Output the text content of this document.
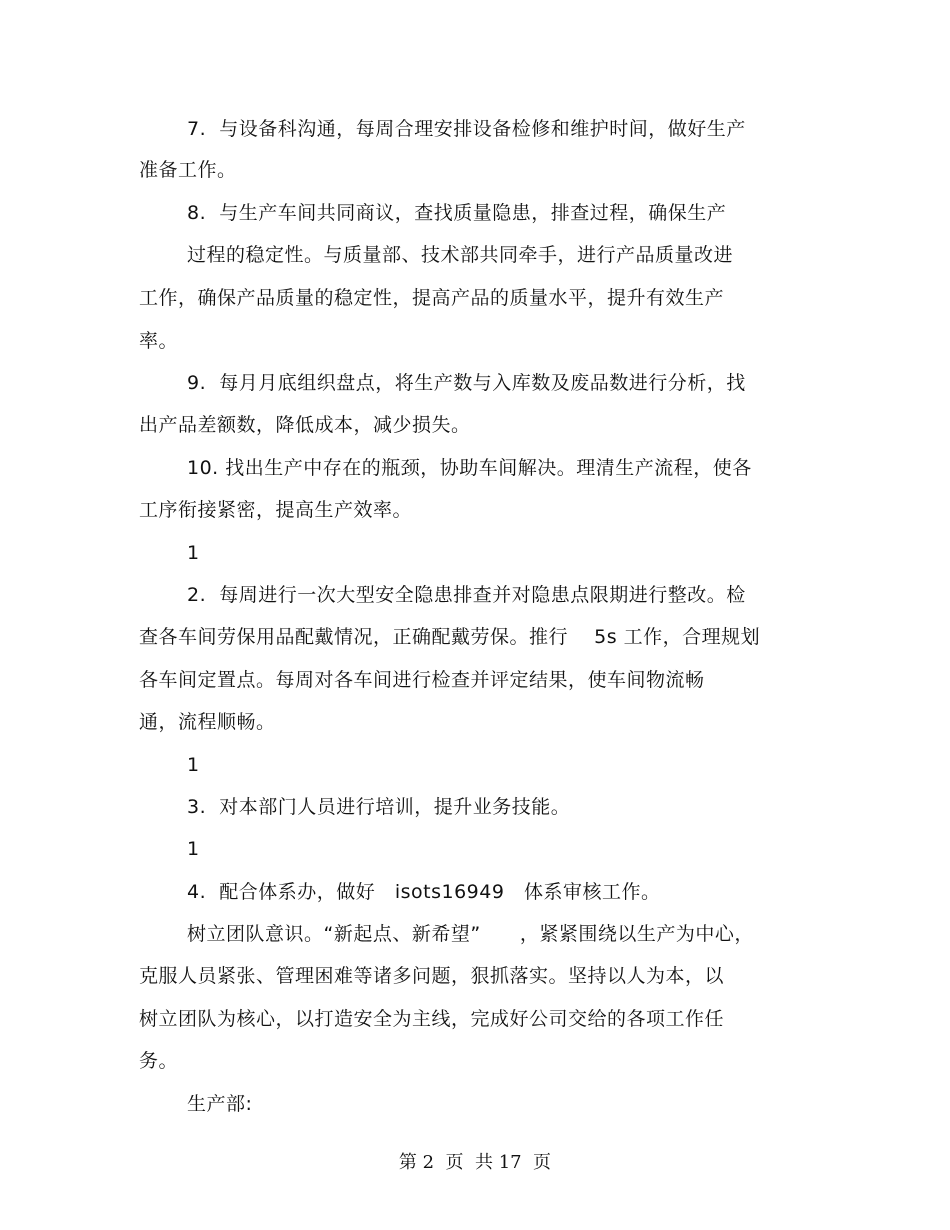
7.  与设备科沟通，每周合理安排设备检修和维护时间，做好生产
准备工作。
8.  与生产车间共同商议，查找质量隐患，排查过程，确保生产
过程的稳定性。与质量部、技术部共同牵手，进行产品质量改进
工作，确保产品质量的稳定性，提高产品的质量水平，提升有效生产
率。
9.  每月月底组织盘点，将生产数与入库数及废品数进行分析，找
出产品差额数，降低成本，减少损失。
10. 找出生产中存在的瓶颈，协助车间解决。理清生产流程，使各
工序衔接紧密，提高生产效率。
1
2.  每周进行一次大型安全隐患排查并对隐患点限期进行整改。检
查各车间劳保用品配戴情况，正确配戴劳保。推行    5s 工作，合理规划
各车间定置点。每周对各车间进行检查并评定结果，使车间物流畅
通，流程顺畅。
1
3.  对本部门人员进行培训，提升业务技能。
1
4.  配合体系办，做好   isots16949   体系审核工作。
树立团队意识。“新起点、新希望”      ，紧紧围绕以生产为中心，
克服人员紧张、管理困难等诸多问题，狠抓落实。坚持以人为本，以
树立团队为核心，以打造安全为主线，完成好公司交给的各项工作任
务。
生产部:
第 2  页  共 17  页
